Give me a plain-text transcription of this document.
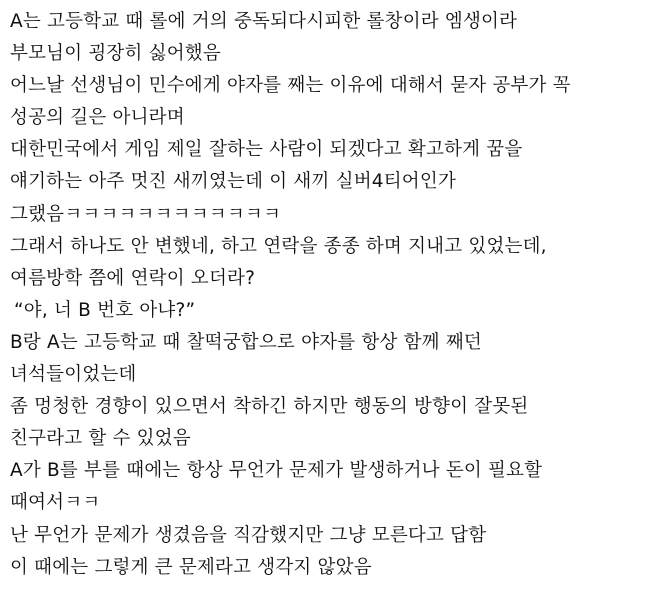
A는 고등학교 때 롤에 거의 중독되다시피한 롤창이라 엠생이라
부모님이 굉장히 싫어했음
어느날 선생님이 민수에게 야자를 째는 이유에 대해서 묻자 공부가 꼭
성공의 길은 아니라며
대한민국에서 게임 제일 잘하는 사람이 되겠다고 확고하게 꿈을
얘기하는 아주 멋진 새끼였는데 이 새끼 실버4티어인가
그랬음ㅋㅋㅋㅋㅋㅋㅋㅋㅋㅋㅋㅋ
그래서 하나도 안 변했네, 하고 연락을 종종 하며 지내고 있었는데,
여름방학 쯤에 연락이 오더라?
“야, 너 B 번호 아냐?”
B랑 A는 고등학교 때 찰떡궁합으로 야자를 항상 함께 째던
녀석들이었는데
좀 멍청한 경향이 있으면서 착하긴 하지만 행동의 방향이 잘못된
친구라고 할 수 있었음
A가 B를 부를 때에는 항상 무언가 문제가 발생하거나 돈이 필요할
때여서ㅋㅋ
난 무언가 문제가 생겼음을 직감했지만 그냥 모른다고 답함
이 때에는 그렇게 큰 문제라고 생각지 않았음
